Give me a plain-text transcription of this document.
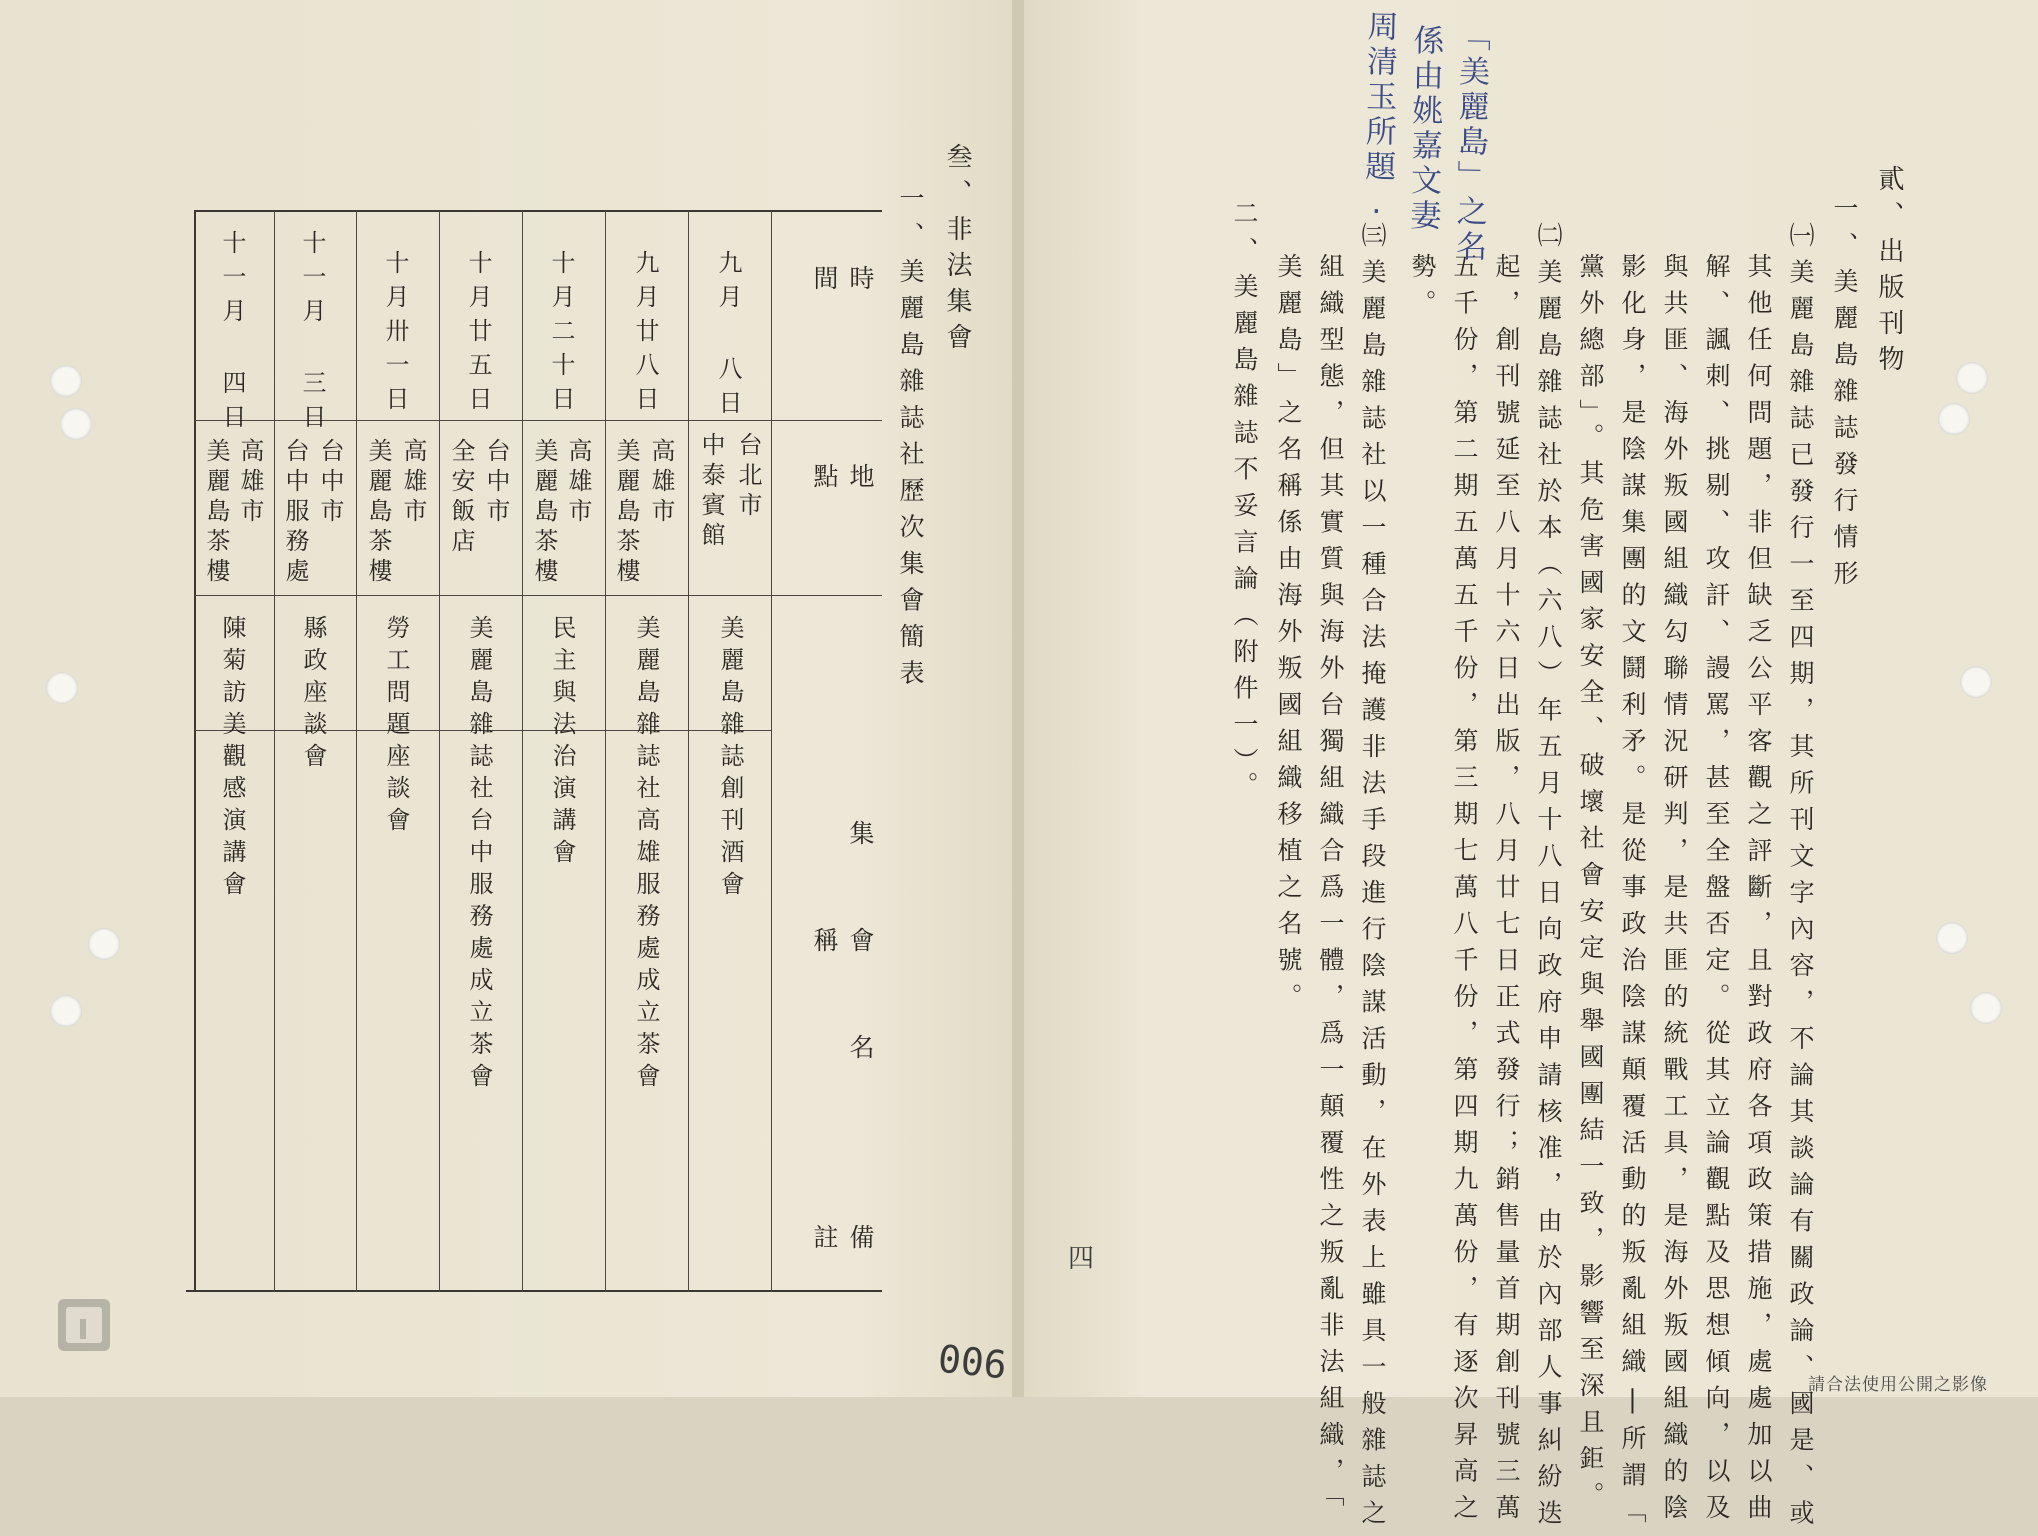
叁、非法集會
一、美麗島雜誌社歷次集會簡表
時間
地點
集會名稱
備註
九月 八日
台北市
中泰賓館
美麗島雜誌創刊酒會
九月廿八日
高雄市
美麗島茶樓
美麗島雜誌社高雄服務處成立茶會
十月二十日
高雄市
美麗島茶樓
民主與法治演講會
十月廿五日
台中市
全安飯店
美麗島雜誌社台中服務處成立茶會
十月卅一日
高雄市
美麗島茶樓
勞工問題座談會
十一月 三日
台中市
台中服務處
縣政座談會
十一月 四日
高雄市
美麗島茶樓
陳菊訪美觀感演講會
006
貳、出版刊物
一、美麗島雜誌發行情形
㈠美麗島雜誌已發行一至四期，其所刊文字內容，不論其談論有關政論、國是、或
其他任何問題，非但缺乏公平客觀之評斷，且對政府各項政策措施，處處加以曲
解、諷刺、挑剔、攻訐、謾罵，甚至全盤否定。從其立論觀點及思想傾向，以及
與共匪、海外叛國組織勾聯情況研判，是共匪的統戰工具，是海外叛國組織的陰
影化身，是陰謀集團的文鬪利矛。是從事政治陰謀顛覆活動的叛亂組織|所謂「
黨外總部」。其危害國家安全、破壞社會安定與舉國團結一致，影響至深且鉅。
㈡美麗島雜誌社於本（六八）年五月十八日向政府申請核准，由於內部人事糾紛迭
起，創刊號延至八月十六日出版，八月廿七日正式發行；銷售量首期創刊號三萬
五千份，第二期五萬五千份，第三期七萬八千份，第四期九萬份，有逐次昇高之
勢。
㈢美麗島雜誌社以一種合法掩護非法手段進行陰謀活動，在外表上雖具一般雜誌之
組織型態，但其實質與海外台獨組織合爲一體，爲一顛覆性之叛亂非法組織，「
美麗島」之名稱係由海外叛國組織移植之名號。
二、美麗島雜誌不妥言論（附件一）。
「美麗島」之名
係由姚嘉文妻
周清玉所題.
四
請合法使用公開之影像
